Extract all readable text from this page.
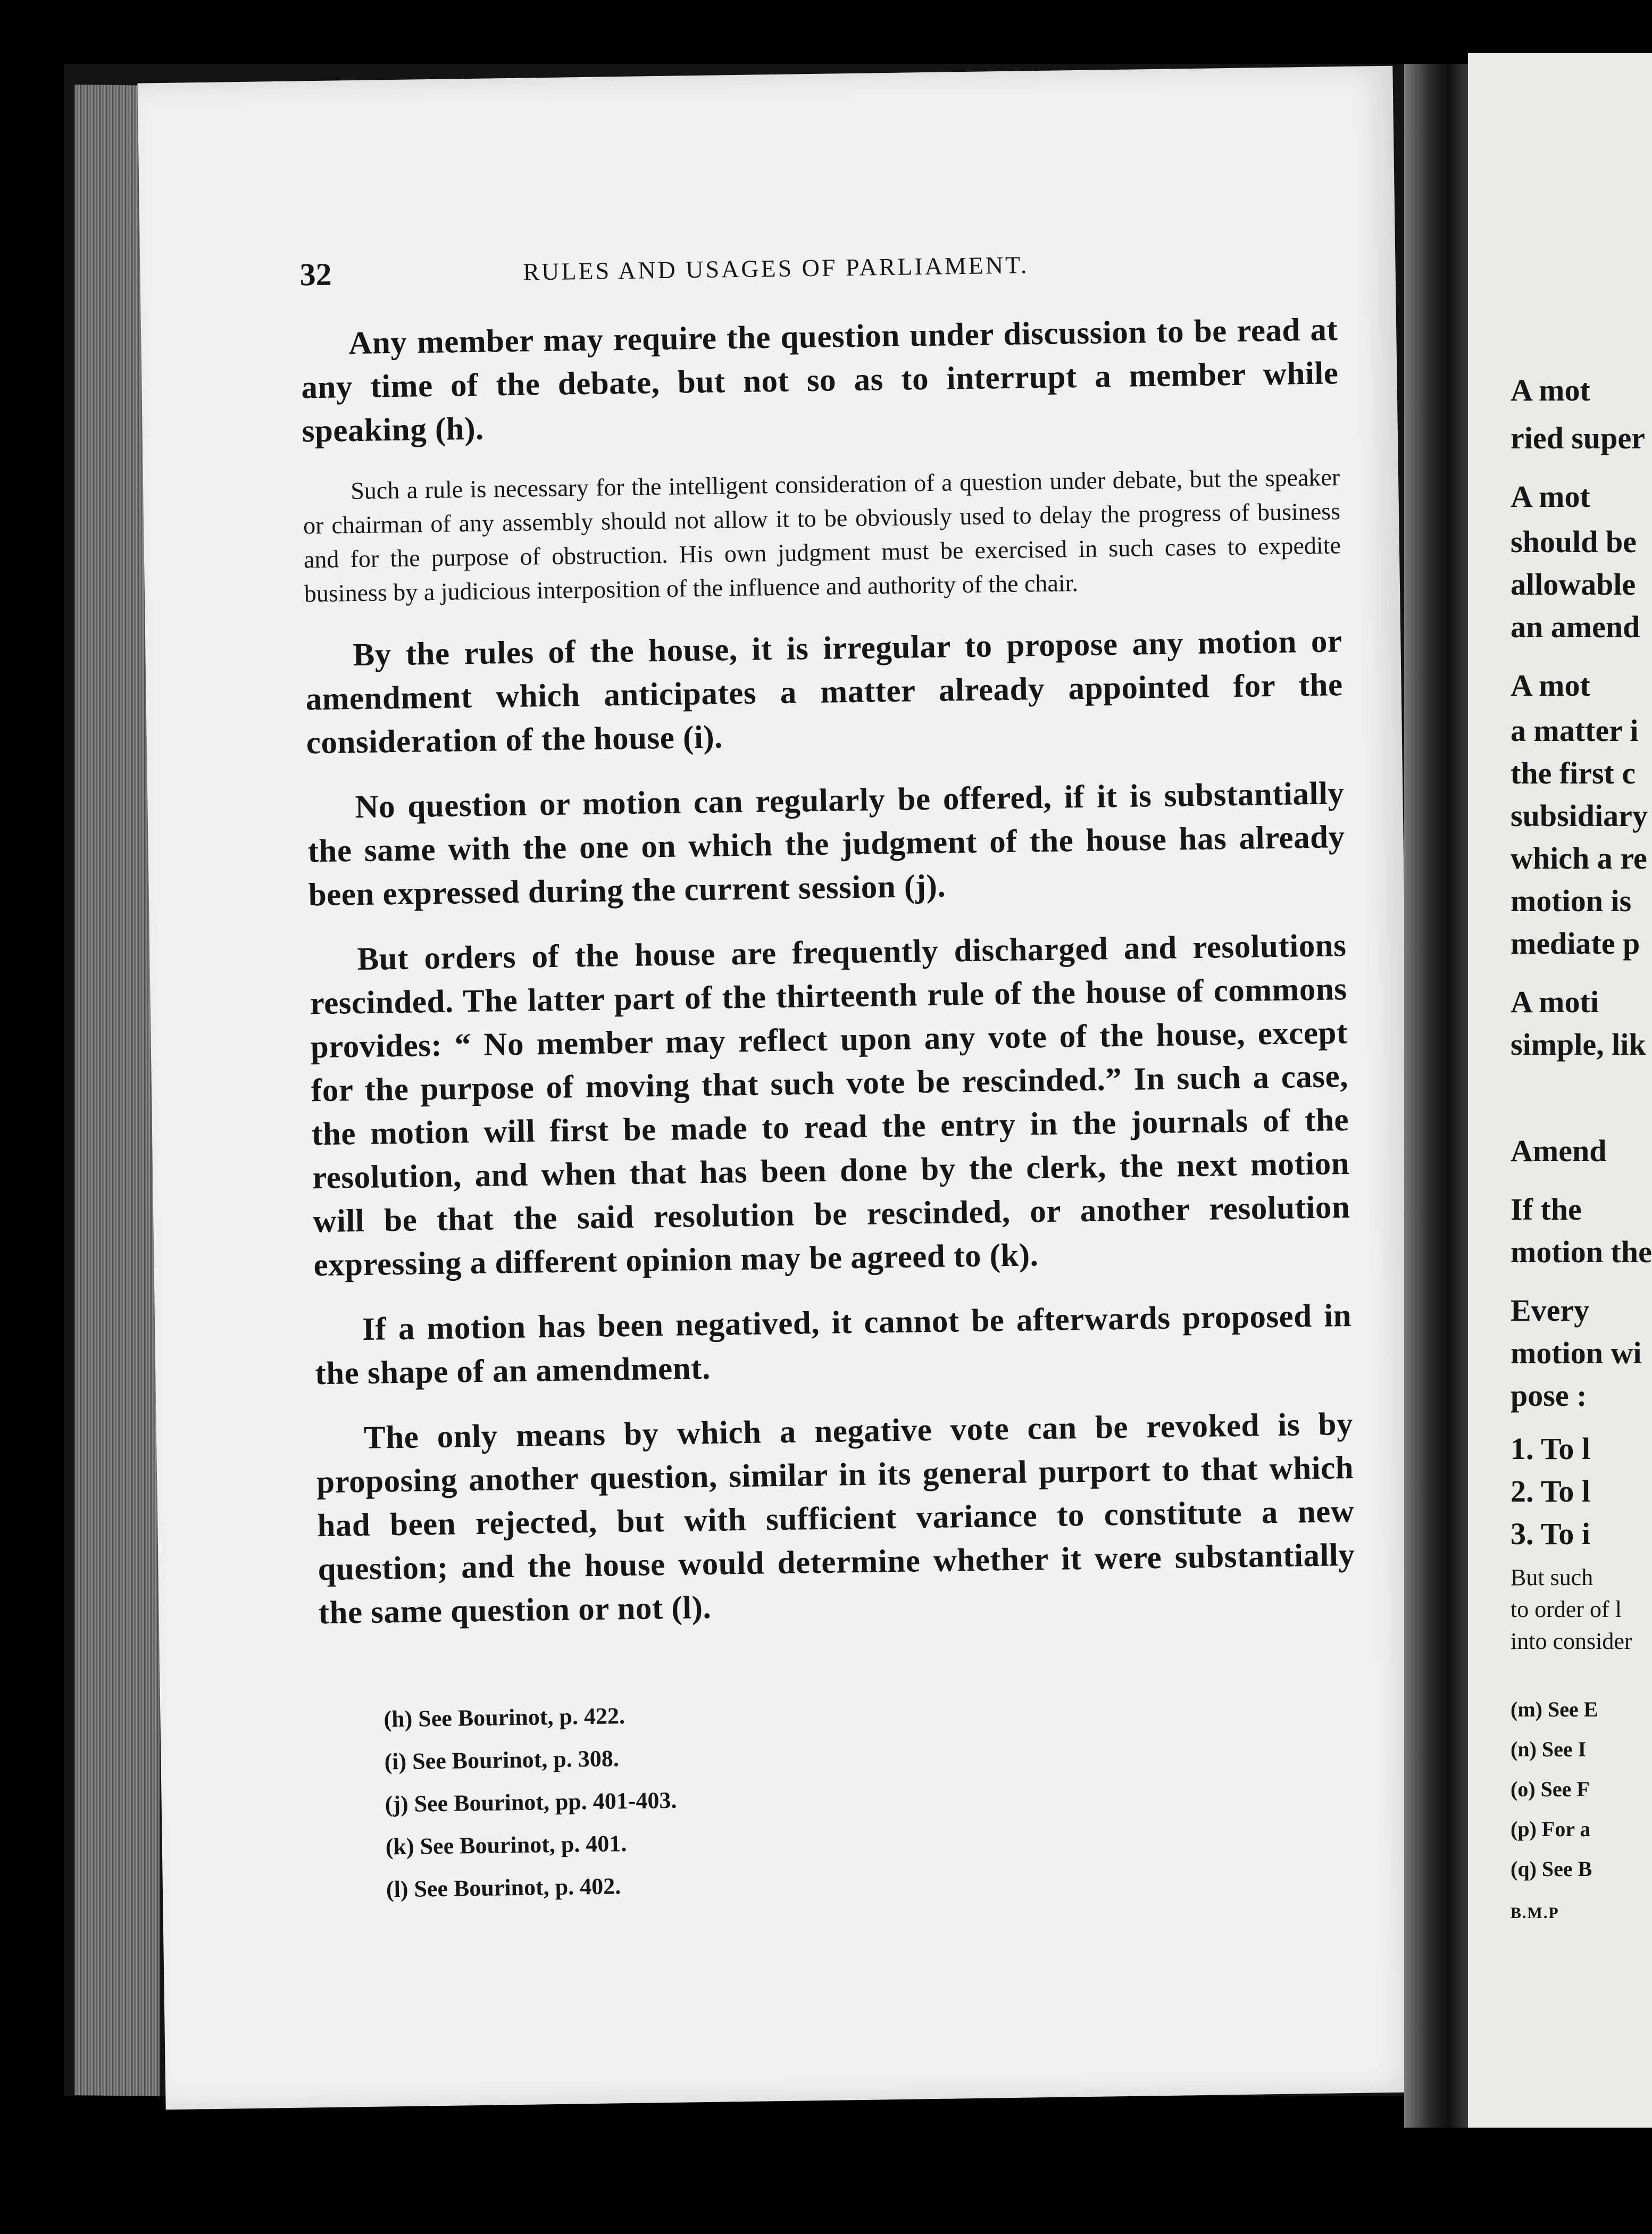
32	RULES AND USAGES OF PARLIAMENT.

Any member may require the question under discussion to be read at any time of the debate, but not so as to interrupt a member while speaking (h).

Such a rule is necessary for the intelligent consideration of a question under debate, but the speaker or chairman of any assembly should not allow it to be obviously used to delay the progress of business and for the purpose of obstruction. His own judgment must be exercised in such cases to expedite business by a judicious interposition of the influence and authority of the chair.

By the rules of the house, it is irregular to propose any motion or amendment which anticipates a matter already appointed for the consideration of the house (i).

No question or motion can regularly be offered, if it is substantially the same with the one on which the judgment of the house has already been expressed during the current session (j).

But orders of the house are frequently discharged and resolutions rescinded. The latter part of the thirteenth rule of the house of commons provides: “ No member may reflect upon any vote of the house, except for the purpose of moving that such vote be rescinded.” In such a case, the motion will first be made to read the entry in the journals of the resolution, and when that has been done by the clerk, the next motion will be that the said resolution be rescinded, or another resolution expressing a different opinion may be agreed to (k).

If a motion has been negatived, it cannot be afterwards proposed in the shape of an amendment.

The only means by which a negative vote can be revoked is by proposing another question, similar in its general purport to that which had been rejected, but with sufficient variance to constitute a new question; and the house would determine whether it were substantially the same question or not (l).

(h) See Bourinot, p. 422.
(i) See Bourinot, p. 308.
(j) See Bourinot, pp. 401-403.
(k) See Bourinot, p. 401.
(l) See Bourinot, p. 402.
A mot
ried super
A mot
should be
allowable
an amend
A mot
a matter i
the first c
subsidiary
which a re
motion is
mediate p
A moti
simple, lik
Amend
If the
motion the
Every
motion wi
pose :
1. To l
2. To l
3. To i
But such
to order of l
into consider
(m) See E
(n) See I
(o) See F
(p) For a
(q) See B
B.M.P
